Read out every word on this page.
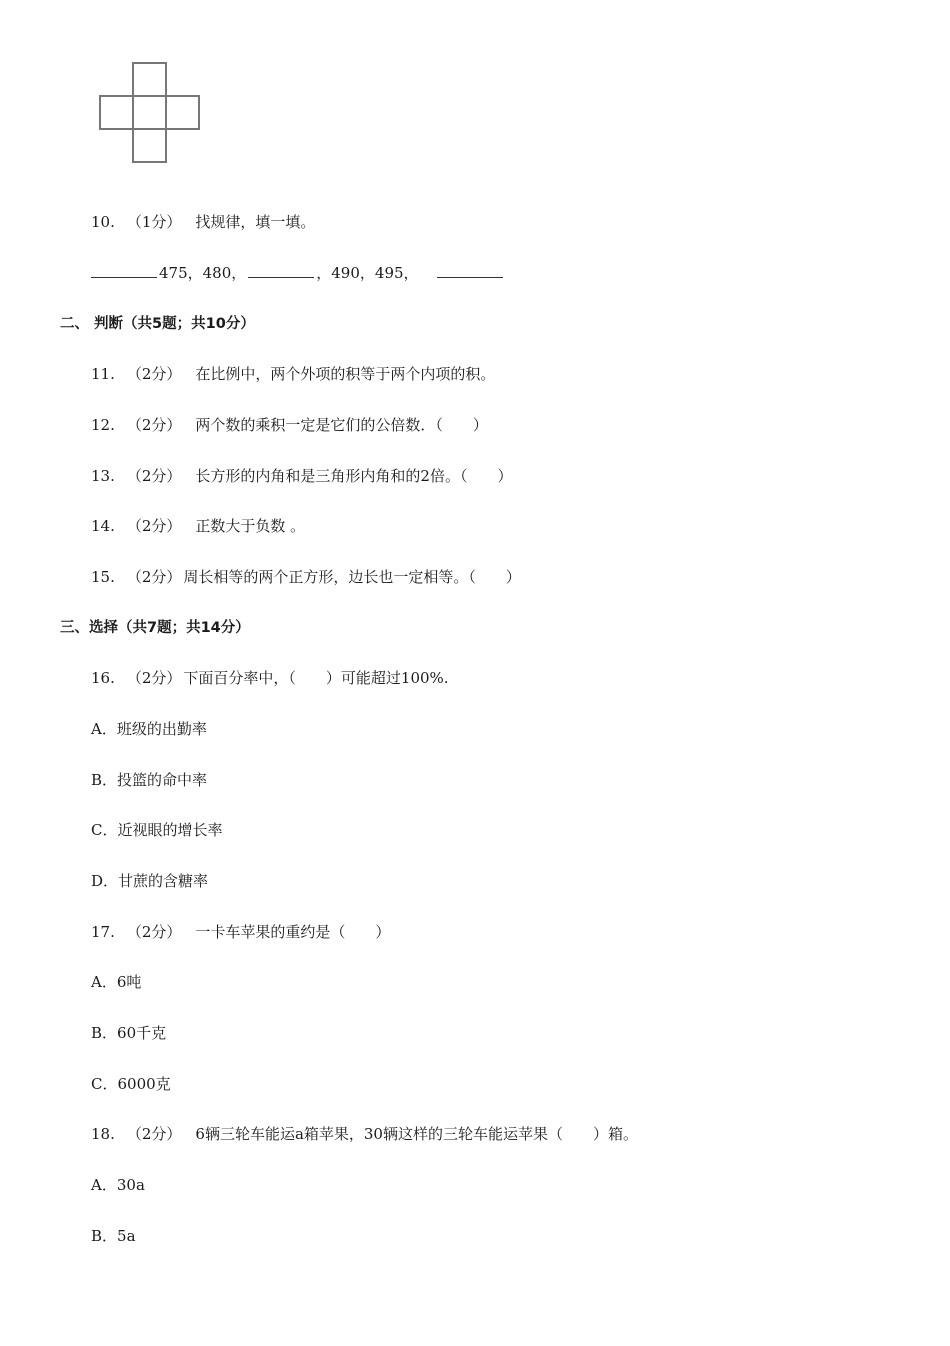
10. （1分） 找规律，填一填。
475，480，	，490，495，
二、 判断（共5题；共10分）
11. （2分） 在比例中，两个外项的积等于两个内项的积。
12. （2分） 两个数的乘积一定是它们的公倍数．（　　）
13. （2分） 长方形的内角和是三角形内角和的2倍。（　　）
14. （2分） 正数大于负数 。
15. （2分） 周长相等的两个正方形，边长也一定相等。（　　）
三、选择（共7题；共14分）
16. （2分） 下面百分率中，（　　）可能超过100%.
A．班级的出勤率
B．投篮的命中率
C．近视眼的增长率
D．甘蔗的含糖率
17. （2分） 一卡车苹果的重约是（　　）
A．6吨
B．60千克
C．6000克
18. （2分） 6辆三轮车能运a箱苹果，30辆这样的三轮车能运苹果（　　）箱。
A．30a
B．5a
